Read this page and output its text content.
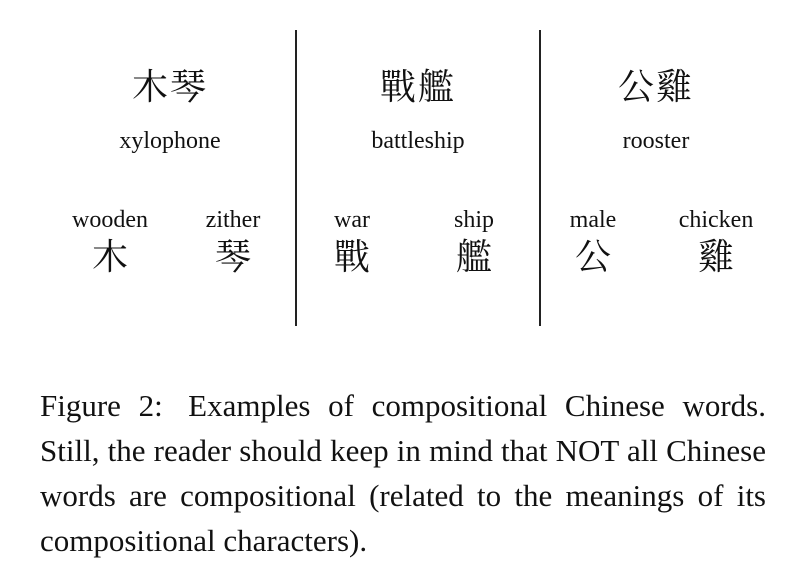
木琴
xylophone
wooden
木
zither
琴
戰艦
battleship
war
戰
ship
艦
公雞
rooster
male
公
chicken
雞
Figure 2: Examples of compositional Chinese words. Still, the reader should keep in mind that NOT all Chinese words are compositional (related to the meanings of its compositional characters).
